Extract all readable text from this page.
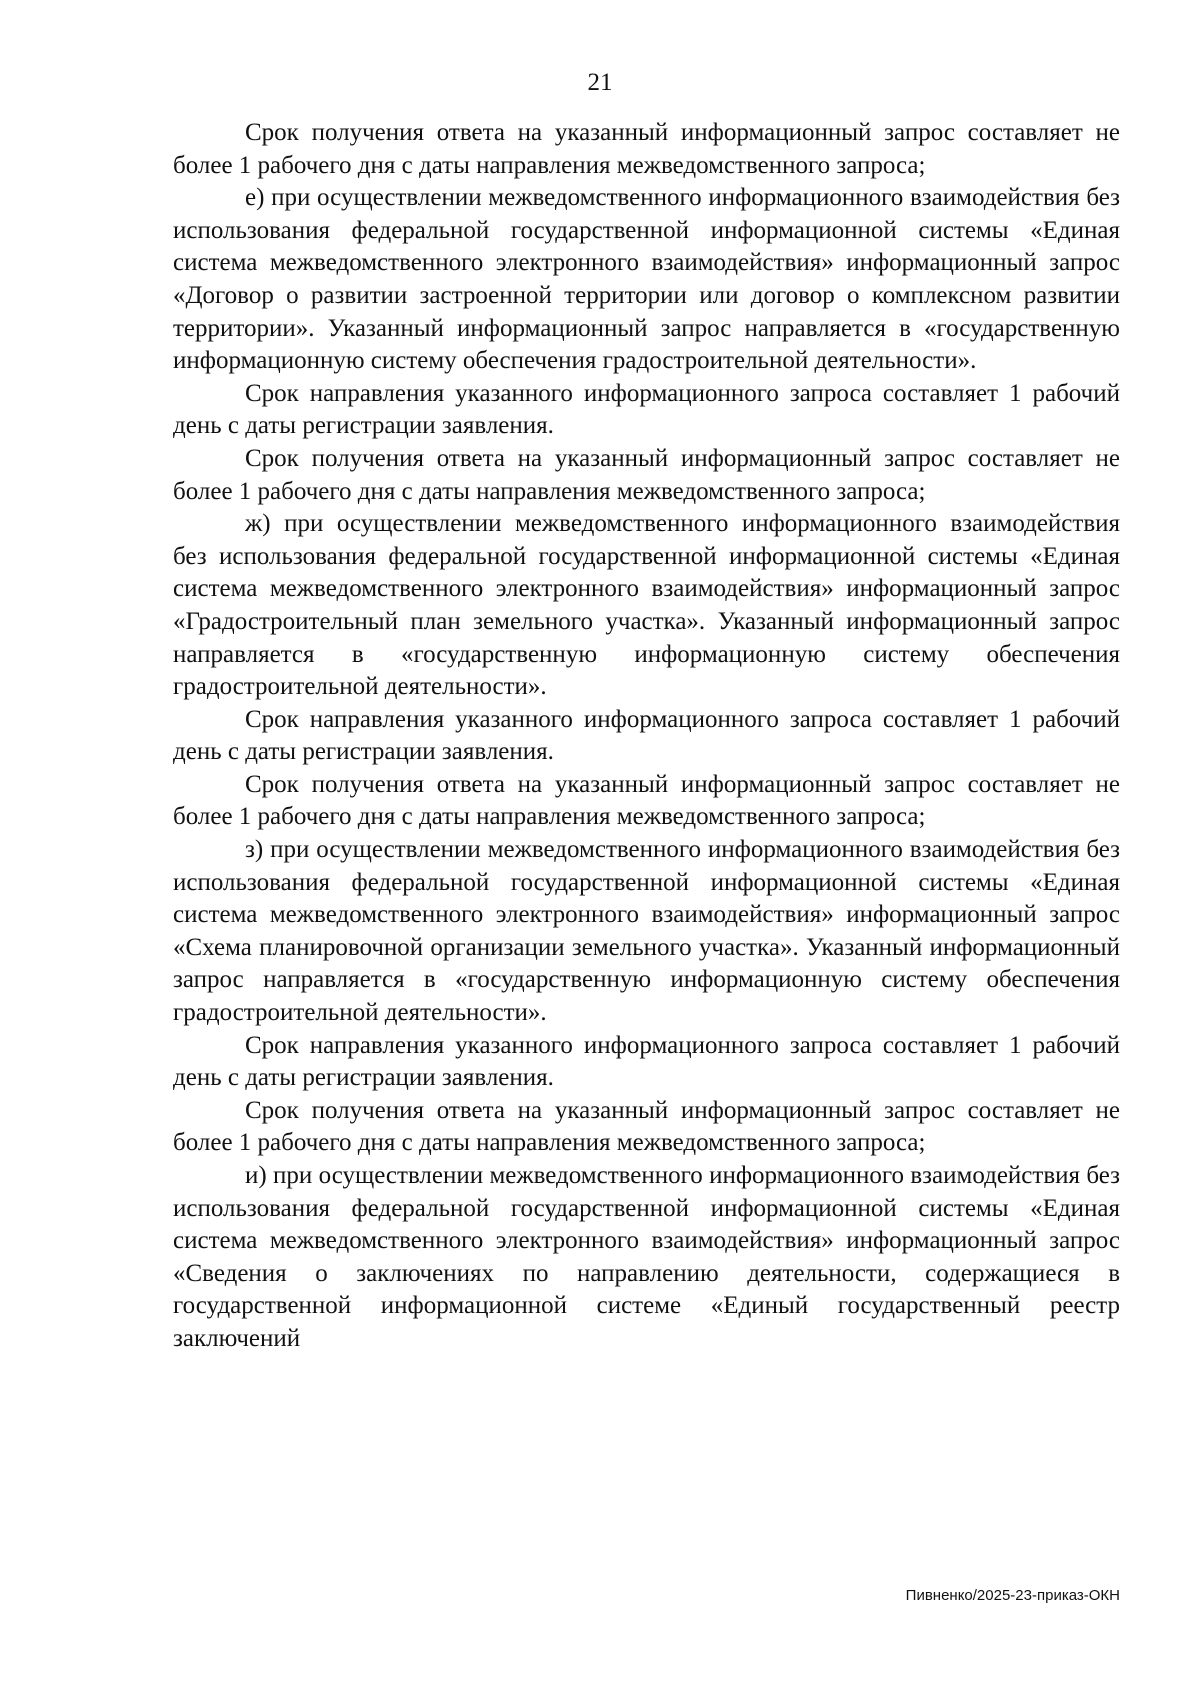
21

Срок получения ответа на указанный информационный запрос составляет не более 1 рабочего дня с даты направления межведомственного запроса;

е) при осуществлении межведомственного информационного взаимодействия без использования федеральной государственной информационной системы «Единая система межведомственного электронного взаимодействия» информационный запрос «Договор о развитии застроенной территории или договор о комплексном развитии территории». Указанный информационный запрос направляется в «государственную информационную систему обеспечения градостроительной деятельности».

Срок направления указанного информационного запроса составляет 1 рабочий день с даты регистрации заявления.

Срок получения ответа на указанный информационный запрос составляет не более 1 рабочего дня с даты направления межведомственного запроса;

ж) при осуществлении межведомственного информационного взаимодействия без использования федеральной государственной информационной системы «Единая система межведомственного электронного взаимодействия» информационный запрос «Градостроительный план земельного участка». Указанный информационный запрос направляется в «государственную информационную систему обеспечения градостроительной деятельности».

Срок направления указанного информационного запроса составляет 1 рабочий день с даты регистрации заявления.

Срок получения ответа на указанный информационный запрос составляет не более 1 рабочего дня с даты направления межведомственного запроса;

з) при осуществлении межведомственного информационного взаимодействия без использования федеральной государственной информационной системы «Единая система межведомственного электронного взаимодействия» информационный запрос «Схема планировочной организации земельного участка». Указанный информационный запрос направляется в «государственную информационную систему обеспечения градостроительной деятельности».

Срок направления указанного информационного запроса составляет 1 рабочий день с даты регистрации заявления.

Срок получения ответа на указанный информационный запрос составляет не более 1 рабочего дня с даты направления межведомственного запроса;

и) при осуществлении межведомственного информационного взаимодействия без использования федеральной государственной информационной системы «Единая система межведомственного электронного взаимодействия» информационный запрос «Сведения о заключениях по направлению деятельности, содержащиеся в государственной информационной системе «Единый государственный реестр заключений

Пивненко/2025-23-приказ-ОКН
